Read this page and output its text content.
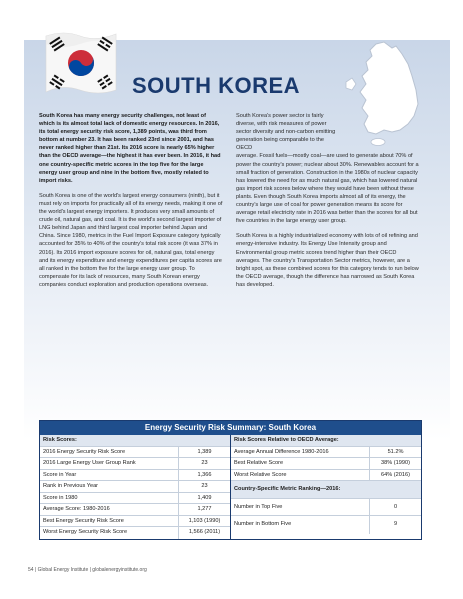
SOUTH KOREA

South Korea has many energy security challenges, not least of which is its almost total lack of domestic energy resources. In 2016, its total energy security risk score, 1,389 points, was third from bottom at number 23. It has been ranked 23rd since 2001, and has never ranked higher than 21st. Its 2016 score is nearly 65% higher than the OECD average—the highest it has ever been. In 2016, it had one country-specific metric scores in the top five for the large energy user group and nine in the bottom five, mostly related to import risks.

South Korea is one of the world's largest energy consumers (ninth), but it must rely on imports for practically all of its energy needs, making it one of the world's largest energy importers. It produces very small amounts of crude oil, natural gas, and coal. It is the world's second largest importer of LNG behind Japan and third largest coal importer behind Japan and China. Since 1980, metrics in the Fuel Import Exposure category typically accounted for 35% to 40% of the country's total risk score (it was 37% in 2016). Its 2016 import exposure scores for oil, natural gas, total energy and its energy expenditure and energy expenditures per capita scores are all ranked in the bottom five for the large energy user group. To compensate for its lack of resources, many South Korean energy companies conduct exploration and production operations overseas.

South Korea's power sector is fairly diverse, with risk measures of power sector diversity and non-carbon emitting generation being comparable to the OECD

average. Fossil fuels—mostly coal—are used to generate about 70% of power the country's power; nuclear about 30%. Renewables account for a small fraction of generation. Construction in the 1980s of nuclear capacity has lowered the need for as much natural gas, which has lowered natural gas import risk scores below where they would have been without these plants. Even though South Korea imports almost all of its energy, the country's large use of coal for power generation means its score for average retail electricity rate in 2016 was better than the scores for all but five countries in the large energy user group.

South Korea is a highly industrialized economy with lots of oil refining and energy-intensive industry. Its Energy Use Intensity group and Environmental group metric scores trend higher than their OECD averages. The country's Transportation Sector metrics, however, are a bright spot, as these combined scores for this category tends to run below the OECD average, though the difference has narrowed as South Korea has developed.

Energy Security Risk Summary: South Korea
Risk Scores:
2016 Energy Security Risk Score	1,389
2016 Large Energy User Group Rank	23
Score in Year	1,366
Rank in Previous Year	23
Score in 1980	1,409
Average Score: 1980-2016	1,277
Best Energy Security Risk Score	1,103 (1990)
Worst Energy Security Risk Score	1,566 (2011)
Risk Scores Relative to OECD Average:
Average Annual Difference 1980-2016	51.2%
Best Relative Score	38% (1990)
Worst Relative Score	64% (2016)
Country-Specific Metric Ranking—2016:
Number in Top Five	0
Number in Bottom Five	9
54 | Global Energy Institute | globalenergyinstitute.org
